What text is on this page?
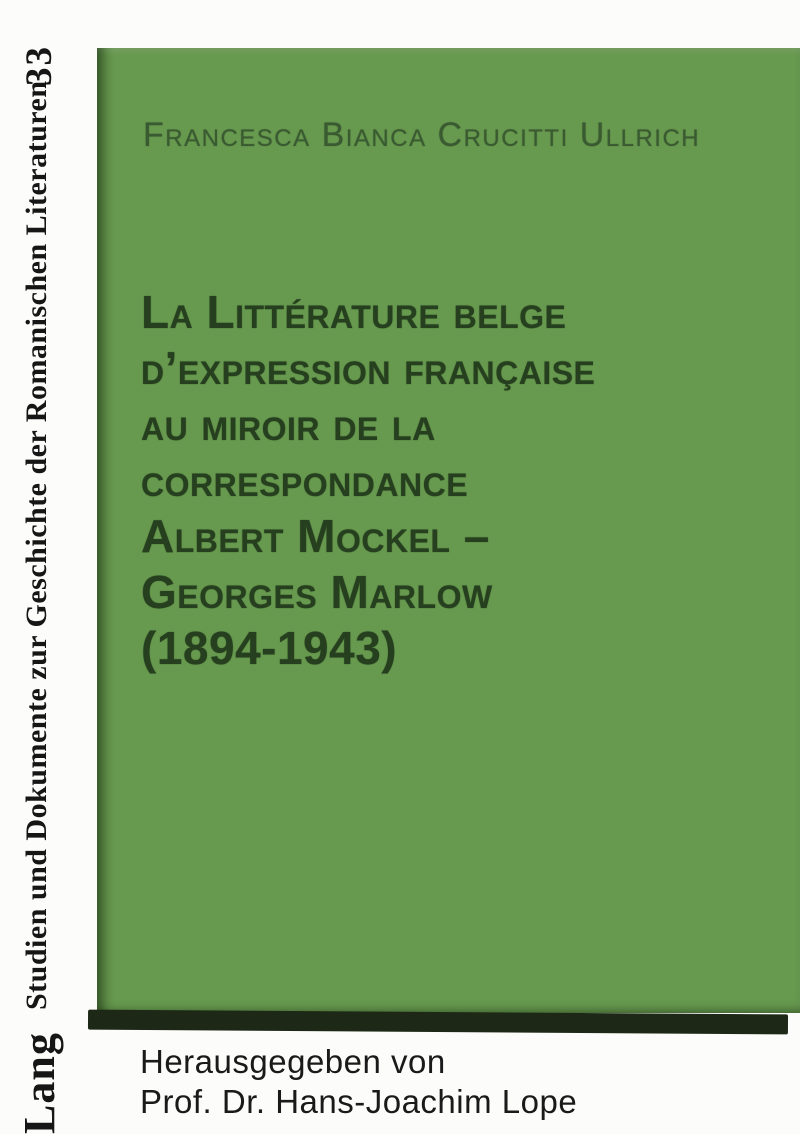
33
Studien und Dokumente zur Geschichte der Romanischen Literaturen
Lang
Francesca Bianca Crucitti Ullrich
La Littérature belge
d’expression française
au miroir de la
correspondance
Albert Mockel –
Georges Marlow
(1894-1943)
Herausgegeben von
Prof. Dr. Hans-Joachim Lope
